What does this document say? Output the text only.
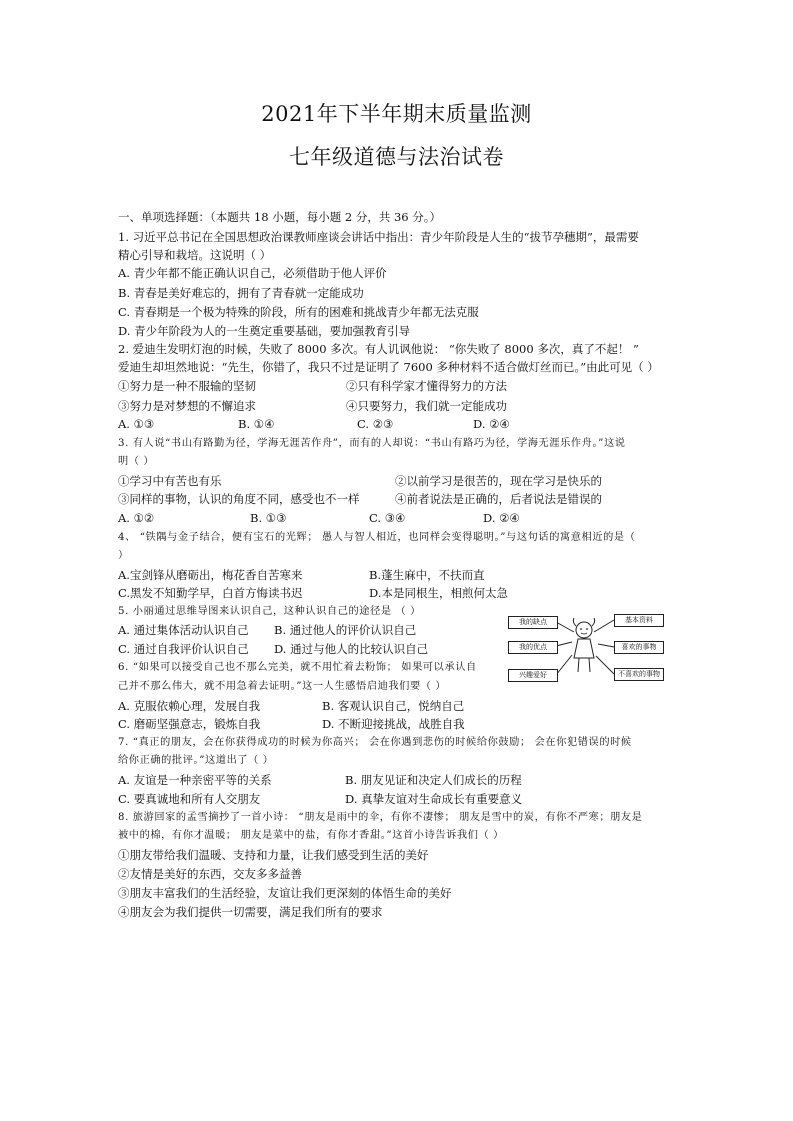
2021年下半年期末质量监测
七年级道德与法治试卷
一、单项选择题：（本题共 18 小题，每小题 2 分，共 36 分。）
1. 习近平总书记在全国思想政治课教师座谈会讲话中指出：青少年阶段是人生的“拔节孕穗期”，最需要
精心引导和栽培。这说明（ ）
A. 青少年都不能正确认识自己，必须借助于他人评价
B. 青春是美好难忘的，拥有了青春就一定能成功
C. 青春期是一个极为特殊的阶段，所有的困难和挑战青少年都无法克服
D. 青少年阶段为人的一生奠定重要基础，要加强教育引导
2. 爱迪生发明灯泡的时候，失败了 8000 多次。有人讥讽他说： “你失败了 8000 多次，真了不起！ ”
爱迪生却坦然地说：“先生，你错了，我只不过是证明了 7600 多种材料不适合做灯丝而已。”由此可见（ ）
①努力是一种不服输的坚韧	②只有科学家才懂得努力的方法
③努力是对梦想的不懈追求	④只要努力，我们就一定能成功
A. ①③	B. ①④	C. ②③	D. ②④
3. 有人说“书山有路勤为径，学海无涯苦作舟”，而有的人却说：“书山有路巧为径，学海无涯乐作舟。”这说
明（ ）
①学习中有苦也有乐	②以前学习是很苦的，现在学习是快乐的
③同样的事物，认识的角度不同，感受也不一样	④前者说法是正确的，后者说法是错误的
A. ①②	B. ①③	C. ③④	D. ②④
4、 “铁隅与金子结合，便有宝石的光辉； 愚人与智人相近，也同样会变得聪明。”与这句话的寓意相近的是（
）
A.宝剑锋从磨砺出，梅花香自苦寒来	B.蓬生麻中，不扶而直
C.黑发不知勤学早，白首方悔读书迟	D.本是同根生，相煎何太急
5. 小丽通过思维导图来认识自己，这种认识自己的途径是 （ ）
A. 通过集体活动认识自己 B. 通过他人的评价认识自己
C. 通过自我评价认识自己 D. 通过与他人的比较认识自己
我的缺点
我的优点
兴趣爱好
基本资料
喜欢的事物
不喜欢的事物
6. “如果可以接受自己也不那么完美，就不用忙着去粉饰； 如果可以承认自
己并不那么伟大，就不用急着去证明。”这一人生感悟启迪我们要（ ）
A. 克服依赖心理，发展自我	B. 客观认识自己，悦纳自己
C. 磨砺坚强意志，锻炼自我	D. 不断迎接挑战，战胜自我
7. “真正的朋友，会在你获得成功的时候为你高兴； 会在你遇到悲伤的时候给你鼓励； 会在你犯错误的时候
给你正确的批评。”这道出了（ ）
A. 友谊是一种亲密平等的关系	B. 朋友见证和决定人们成长的历程
C. 要真诚地和所有人交朋友	D. 真挚友谊对生命成长有重要意义
8. 旅游回家的孟雪摘抄了一首小诗： “朋友是雨中的伞，有你不凄惨； 朋友是雪中的炭，有你不严寒；朋友是
被中的棉，有你才温暖； 朋友是菜中的盐，有你才香甜。”这首小诗告诉我们（ ）
①朋友带给我们温暖、支持和力量，让我们感受到生活的美好
②友情是美好的东西，交友多多益善
③朋友丰富我们的生活经验，友谊让我们更深刻的体悟生命的美好
④朋友会为我们提供一切需要，满足我们所有的要求
